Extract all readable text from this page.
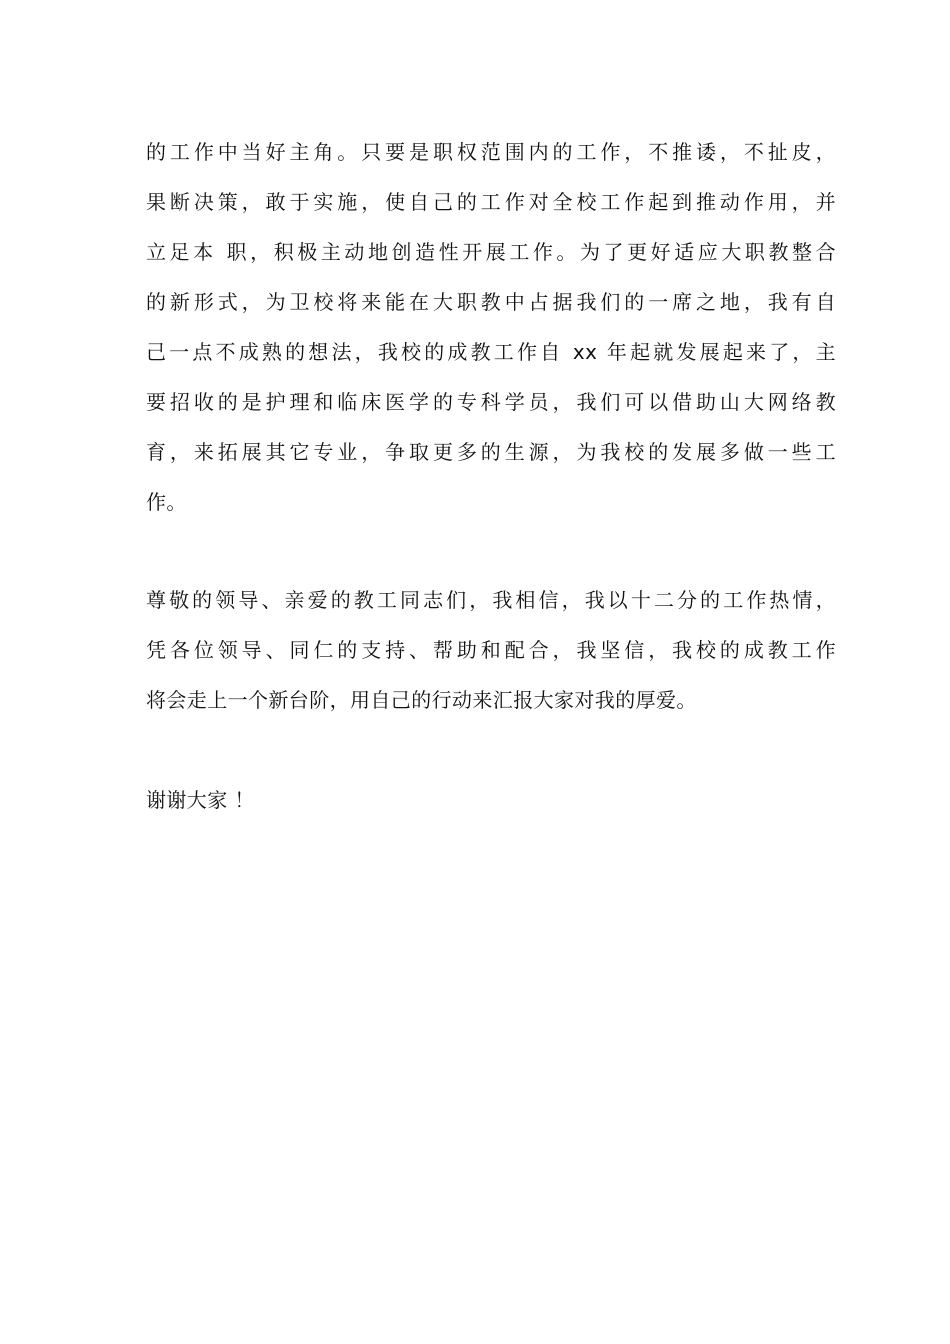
的工作中当好主角。只要是职权范围内的工作，不推诿，不扯皮，
果断决策，敢于实施，使自己的工作对全校工作起到推动作用，并
立足本 职，积极主动地创造性开展工作。为了更好适应大职教整合
的新形式，为卫校将来能在大职教中占据我们的一席之地，我有自
己一点不成熟的想法，我校的成教工作自 xx 年起就发展起来了，主
要招收的是护理和临床医学的专科学员，我们可以借助山大网络教
育，来拓展其它专业，争取更多的生源，为我校的发展多做一些工
作。
尊敬的领导、亲爱的教工同志们，我相信，我以十二分的工作热情，
凭各位领导、同仁的支持、帮助和配合，我坚信，我校的成教工作
将会走上一个新台阶，用自己的行动来汇报大家对我的厚爱。
谢谢大家 ！
